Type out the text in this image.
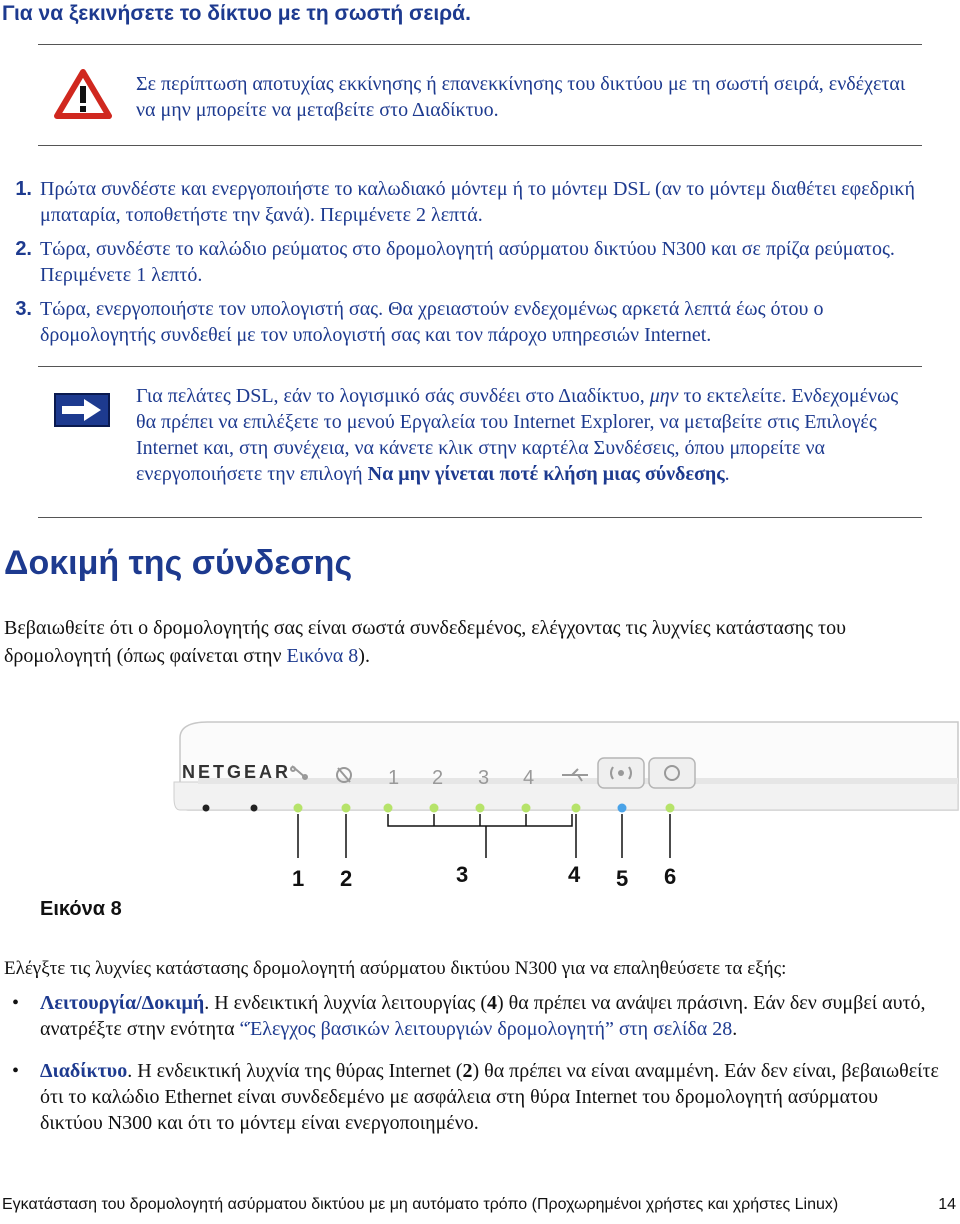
Για να ξεκινήσετε το δίκτυο με τη σωστή σειρά.
Σε περίπτωση αποτυχίας εκκίνησης ή επανεκκίνησης του δικτύου με τη σωστή σειρά, ενδέχεται να μην μπορείτε να μεταβείτε στο Διαδίκτυο.
1. Πρώτα συνδέστε και ενεργοποιήστε το καλωδιακό μόντεμ ή το μόντεμ DSL (αν το μόντεμ διαθέτει εφεδρική μπαταρία, τοποθετήστε την ξανά). Περιμένετε 2 λεπτά.
2. Τώρα, συνδέστε το καλώδιο ρεύματος στο δρομολογητή ασύρματου δικτύου N300 και σε πρίζα ρεύματος. Περιμένετε 1 λεπτό.
3. Τώρα, ενεργοποιήστε τον υπολογιστή σας. Θα χρειαστούν ενδεχομένως αρκετά λεπτά έως ότου ο δρομολογητής συνδεθεί με τον υπολογιστή σας και τον πάροχο υπηρεσιών Internet.
Για πελάτες DSL, εάν το λογισμικό σάς συνδέει στο Διαδίκτυο, μην το εκτελείτε. Ενδεχομένως θα πρέπει να επιλέξετε το μενού Εργαλεία του Internet Explorer, να μεταβείτε στις Επιλογές Internet και, στη συνέχεια, να κάνετε κλικ στην καρτέλα Συνδέσεις, όπου μπορείτε να ενεργοποιήσετε την επιλογή Να μην γίνεται ποτέ κλήση μιας σύνδεσης.
Δοκιμή της σύνδεσης
Βεβαιωθείτε ότι ο δρομολογητής σας είναι σωστά συνδεδεμένος, ελέγχοντας τις λυχνίες κατάστασης του δρομολογητή (όπως φαίνεται στην Εικόνα 8).
NETGEAR	1 2 3 4
1 2	3	4 5 6
Εικόνα 8
Ελέγξτε τις λυχνίες κατάστασης δρομολογητή ασύρματου δικτύου N300 για να επαληθεύσετε τα εξής:
• Λειτουργία/Δοκιμή. Η ενδεικτική λυχνία λειτουργίας (4) θα πρέπει να ανάψει πράσινη. Εάν δεν συμβεί αυτό, ανατρέξτε στην ενότητα “Έλεγχος βασικών λειτουργιών δρομολογητή” στη σελίδα 28.
• Διαδίκτυο. Η ενδεικτική λυχνία της θύρας Internet (2) θα πρέπει να είναι αναμμένη. Εάν δεν είναι, βεβαιωθείτε ότι το καλώδιο Ethernet είναι συνδεδεμένο με ασφάλεια στη θύρα Internet του δρομολογητή ασύρματου δικτύου N300 και ότι το μόντεμ είναι ενεργοποιημένο.
Εγκατάσταση του δρομολογητή ασύρματου δικτύου με μη αυτόματο τρόπο (Προχωρημένοι χρήστες και χρήστες Linux)	14
